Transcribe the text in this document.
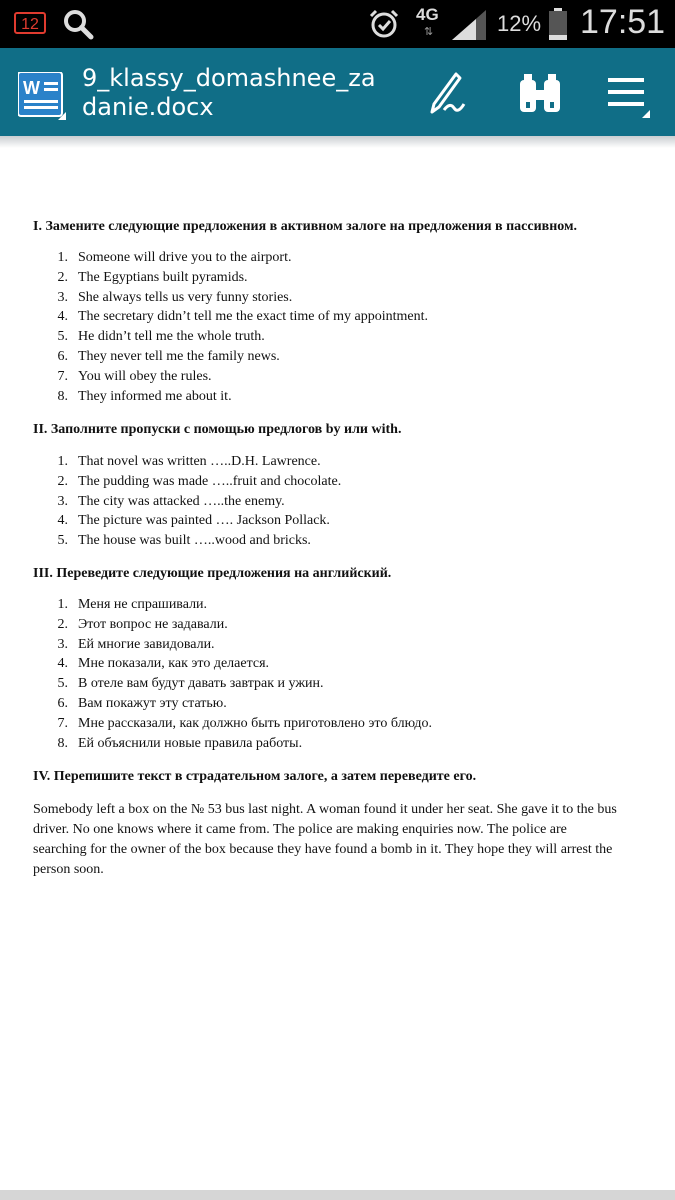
12
4G
⇅	12% 17:51
W 9_klassy_domashnee_za danie.docx
I. Замените следующие предложения в активном залоге на предложения в пассивном.
1. Someone will drive you to the airport.
2. The Egyptians built pyramids.
3. She always tells us very funny stories.
4. The secretary didn’t tell me the exact time of my appointment.
5. He didn’t tell me the whole truth.
6. They never tell me the family news.
7. You will obey the rules.
8. They informed me about it.
II. Заполните пропуски с помощью предлогов by или with.
1. That novel was written …..D.H. Lawrence.
2. The pudding was made …..fruit and chocolate.
3. The city was attacked …..the enemy.
4. The picture was painted …. Jackson Pollack.
5. The house was built …..wood and bricks.
III. Переведите следующие предложения на английский.
1. Меня не спрашивали.
2. Этот вопрос не задавали.
3. Ей многие завидовали.
4. Мне показали, как это делается.
5. В отеле вам будут давать завтрак и ужин.
6. Вам покажут эту статью.
7. Мне рассказали, как должно быть приготовлено это блюдо.
8. Ей объяснили новые правила работы.
IV. Перепишите текст в страдательном залоге, а затем переведите его.
Somebody left a box on the № 53 bus last night. A woman found it under her seat. She gave it to the bus driver. No one knows where it came from. The police are making enquiries now. The police are searching for the owner of the box because they have found a bomb in it. They hope they will arrest the person soon.
